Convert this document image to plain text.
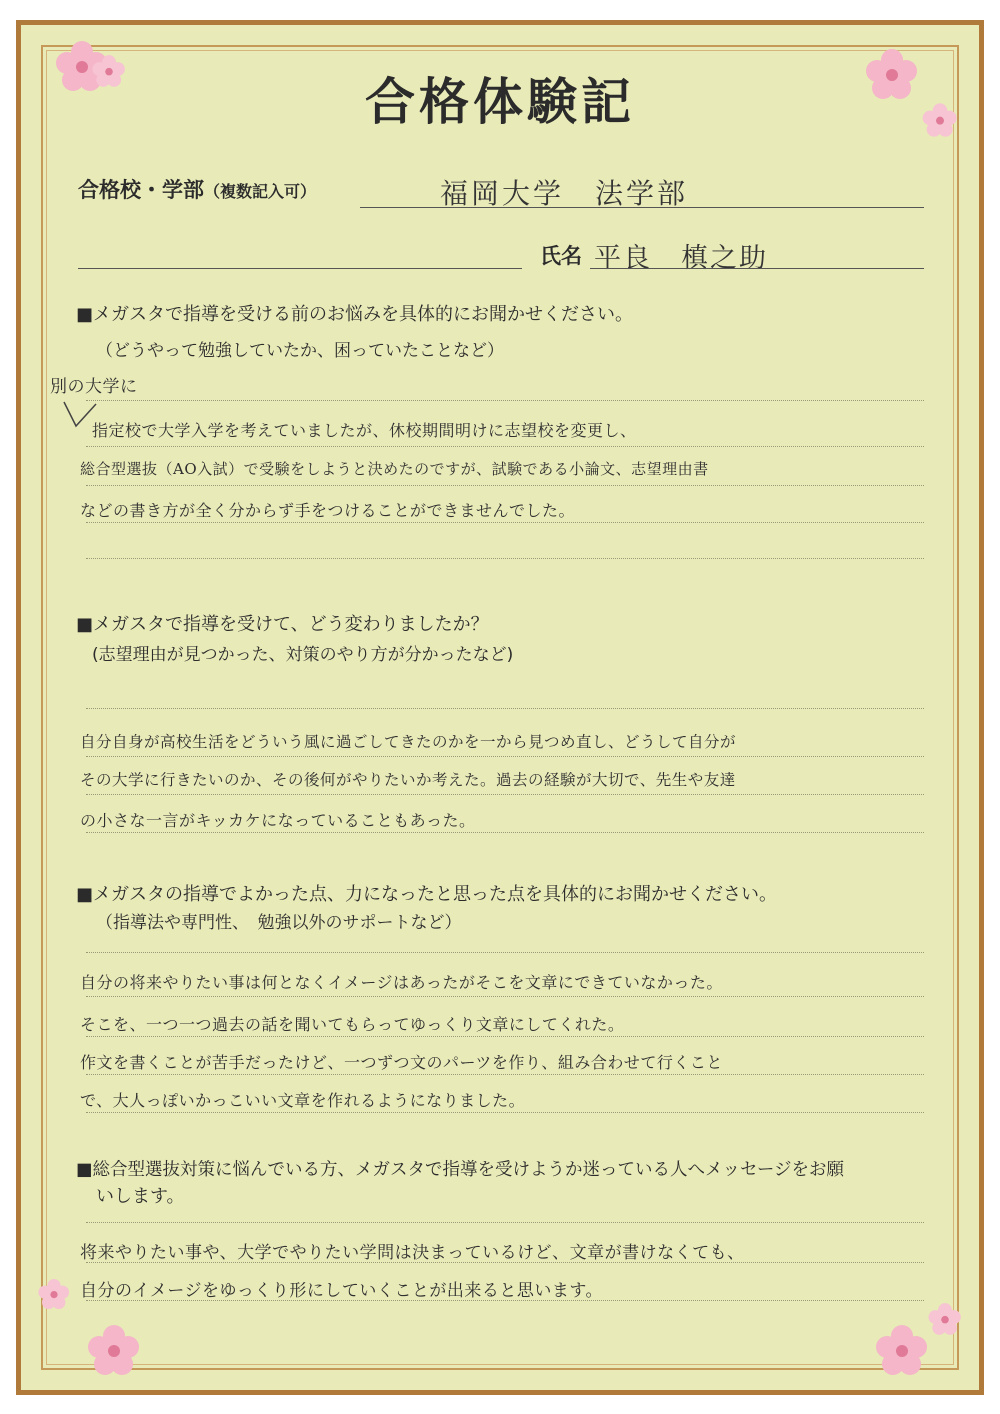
合格体験記
合格校・学部（複数記入可）	福岡大学　法学部
氏名 平良　槙之助
■メガスタで指導を受ける前のお悩みを具体的にお聞かせください。
（どうやって勉強していたか、困っていたことなど）
別の大学に
指定校で大学入学を考えていましたが、休校期間明けに志望校を変更し、
総合型選抜（AO入試）で受験をしようと決めたのですが、試験である小論文、志望理由書
などの書き方が全く分からず手をつけることができませんでした。
■メガスタで指導を受けて、どう変わりましたか？
(志望理由が見つかった、対策のやり方が分かったなど)
自分自身が高校生活をどういう風に過ごしてきたのかを一から見つめ直し、どうして自分が
その大学に行きたいのか、その後何がやりたいか考えた。過去の経験が大切で、先生や友達
の小さな一言がキッカケになっていることもあった。
■メガスタの指導でよかった点、力になったと思った点を具体的にお聞かせください。
（指導法や専門性、　勉強以外のサポートなど）
自分の将来やりたい事は何となくイメージはあったがそこを文章にできていなかった。
そこを、一つ一つ過去の話を聞いてもらってゆっくり文章にしてくれた。
作文を書くことが苦手だったけど、一つずつ文のパーツを作り、組み合わせて行くこと
で、大人っぽいかっこいい文章を作れるようになりました。
■総合型選抜対策に悩んでいる方、メガスタで指導を受けようか迷っている人へメッセージをお願
いします。
将来やりたい事や、大学でやりたい学問は決まっているけど、文章が書けなくても、
自分のイメージをゆっくり形にしていくことが出来ると思います。
